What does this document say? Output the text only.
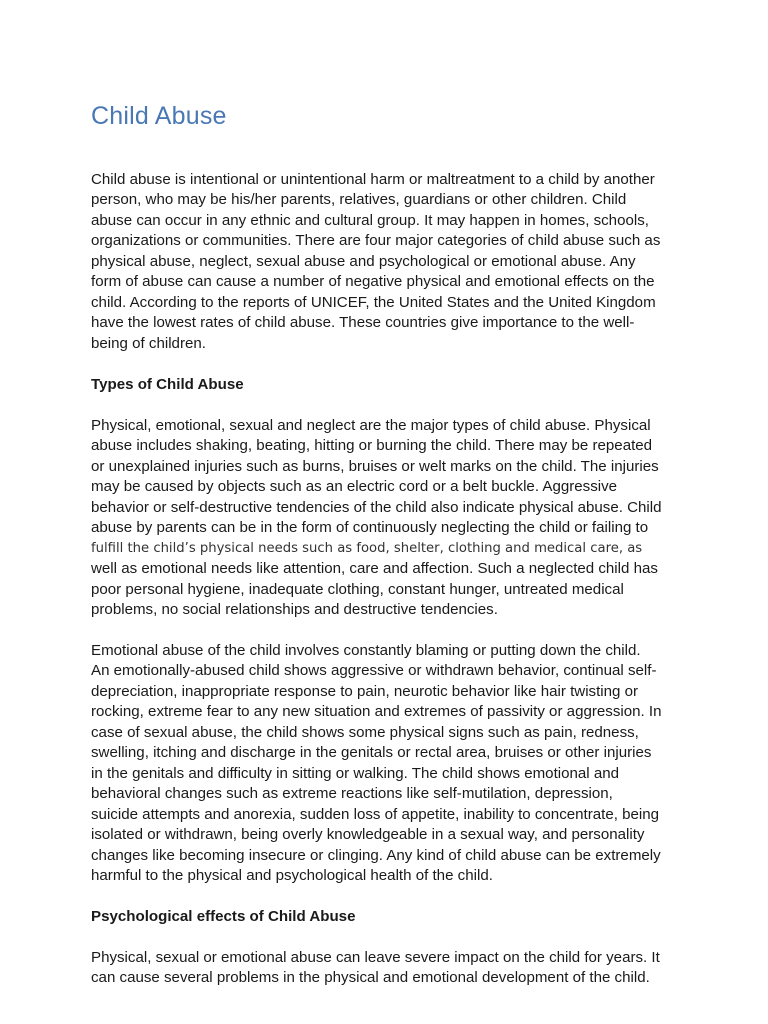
Child Abuse
Child abuse is intentional or unintentional harm or maltreatment to a child by another
person, who may be his/her parents, relatives, guardians or other children. Child
abuse can occur in any ethnic and cultural group. It may happen in homes, schools,
organizations or communities. There are four major categories of child abuse such as
physical abuse, neglect, sexual abuse and psychological or emotional abuse. Any
form of abuse can cause a number of negative physical and emotional effects on the
child. According to the reports of UNICEF, the United States and the United Kingdom
have the lowest rates of child abuse. These countries give importance to the well-
being of children.
Types of Child Abuse
Physical, emotional, sexual and neglect are the major types of child abuse. Physical
abuse includes shaking, beating, hitting or burning the child. There may be repeated
or unexplained injuries such as burns, bruises or welt marks on the child. The injuries
may be caused by objects such as an electric cord or a belt buckle. Aggressive
behavior or self-destructive tendencies of the child also indicate physical abuse. Child
abuse by parents can be in the form of continuously neglecting the child or failing to
fulfill the child’s physical needs such as food, shelter, clothing and medical care, as
well as emotional needs like attention, care and affection. Such a neglected child has
poor personal hygiene, inadequate clothing, constant hunger, untreated medical
problems, no social relationships and destructive tendencies.
Emotional abuse of the child involves constantly blaming or putting down the child.
An emotionally-abused child shows aggressive or withdrawn behavior, continual self-
depreciation, inappropriate response to pain, neurotic behavior like hair twisting or
rocking, extreme fear to any new situation and extremes of passivity or aggression. In
case of sexual abuse, the child shows some physical signs such as pain, redness,
swelling, itching and discharge in the genitals or rectal area, bruises or other injuries
in the genitals and difficulty in sitting or walking. The child shows emotional and
behavioral changes such as extreme reactions like self-mutilation, depression,
suicide attempts and anorexia, sudden loss of appetite, inability to concentrate, being
isolated or withdrawn, being overly knowledgeable in a sexual way, and personality
changes like becoming insecure or clinging. Any kind of child abuse can be extremely
harmful to the physical and psychological health of the child.
Psychological effects of Child Abuse
Physical, sexual or emotional abuse can leave severe impact on the child for years. It
can cause several problems in the physical and emotional development of the child.
